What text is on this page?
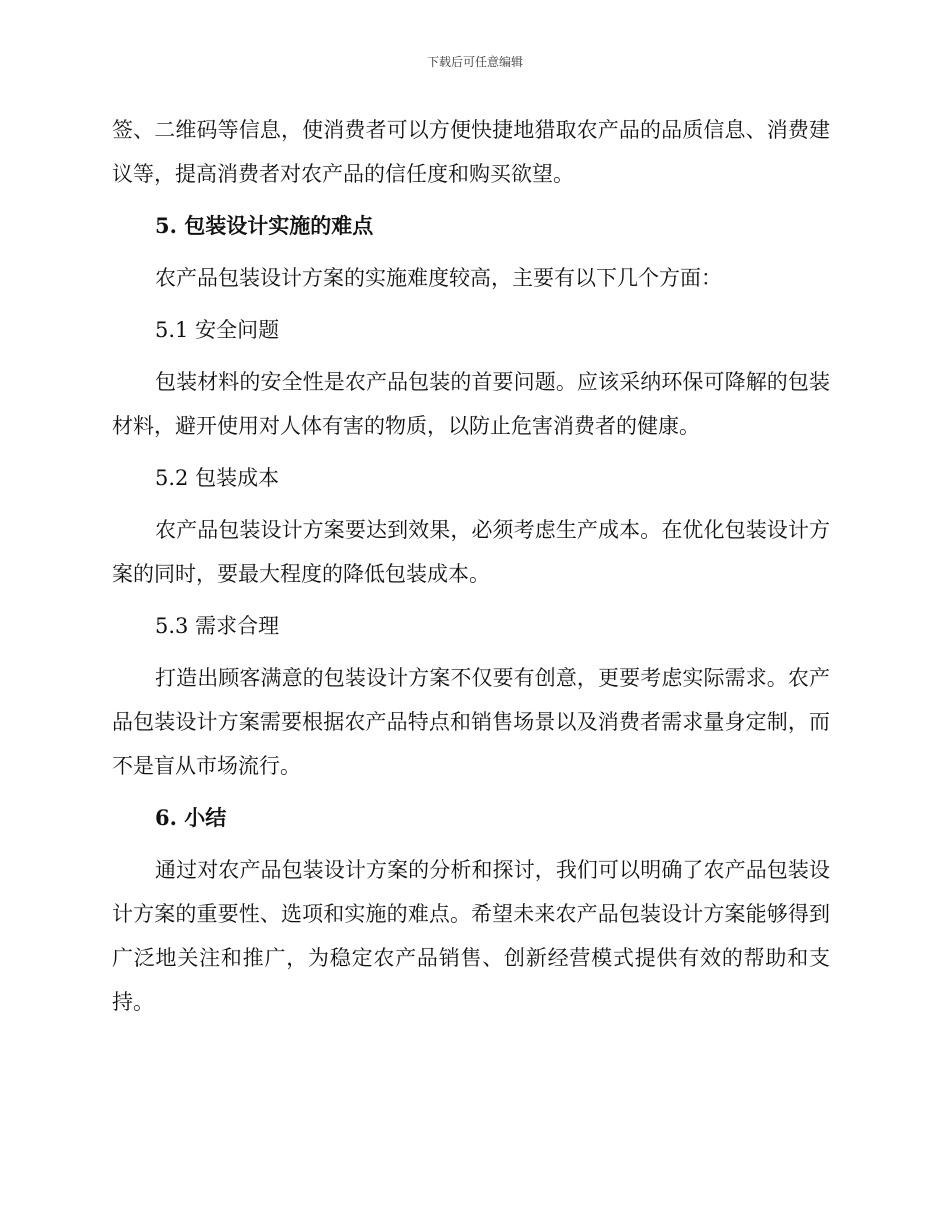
下载后可任意编辑

签、二维码等信息，使消费者可以方便快捷地猎取农产品的品质信息、消费建议等，提高消费者对农产品的信任度和购买欲望。

5. 包装设计实施的难点

农产品包装设计方案的实施难度较高，主要有以下几个方面：

5.1 安全问题

包装材料的安全性是农产品包装的首要问题。应该采纳环保可降解的包装材料，避开使用对人体有害的物质，以防止危害消费者的健康。

5.2 包装成本

农产品包装设计方案要达到效果，必须考虑生产成本。在优化包装设计方案的同时，要最大程度的降低包装成本。

5.3 需求合理

打造出顾客满意的包装设计方案不仅要有创意，更要考虑实际需求。农产品包装设计方案需要根据农产品特点和销售场景以及消费者需求量身定制，而不是盲从市场流行。

6. 小结

通过对农产品包装设计方案的分析和探讨，我们可以明确了农产品包装设计方案的重要性、选项和实施的难点。希望未来农产品包装设计方案能够得到广泛地关注和推广，为稳定农产品销售、创新经营模式提供有效的帮助和支持。
